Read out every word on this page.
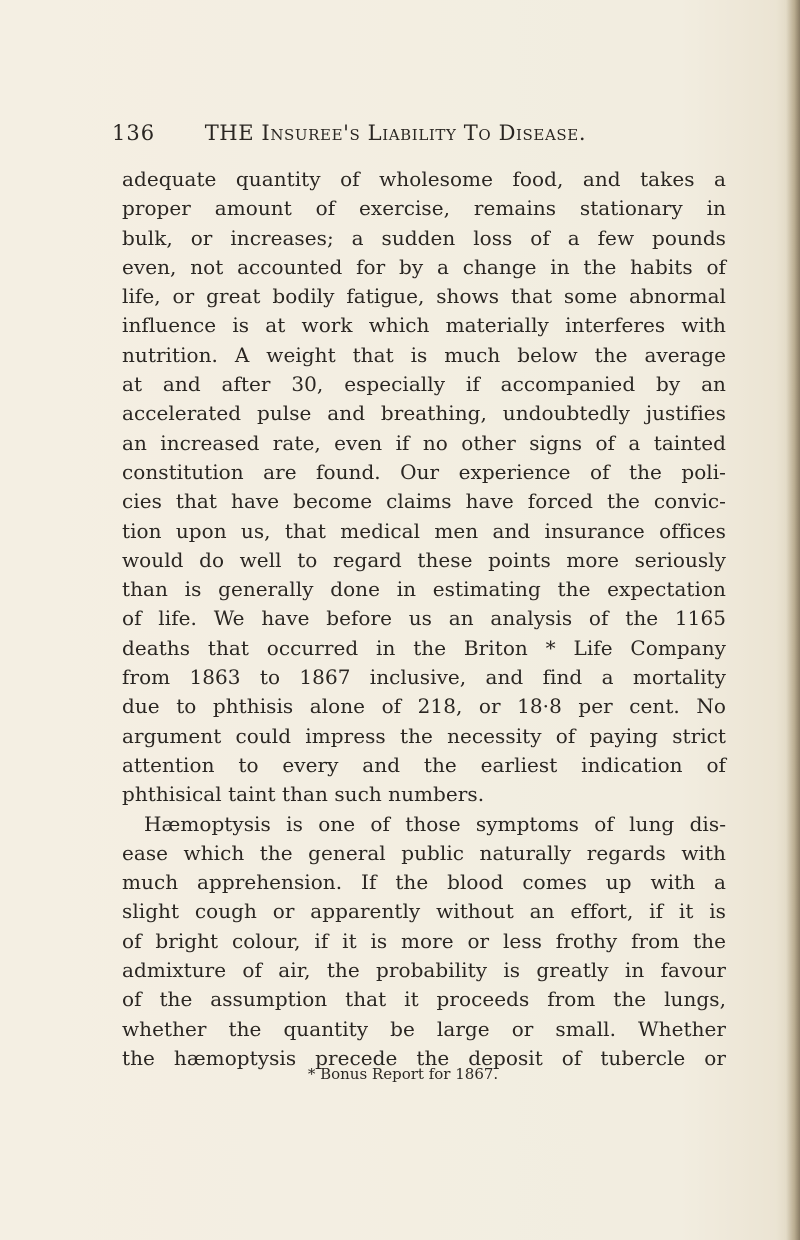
136 THE Insuree's Liability To Disease.
adequate quantity of wholesome food, and takes a
proper amount of exercise, remains stationary in
bulk, or increases; a sudden loss of a few pounds
even, not accounted for by a change in the habits of
life, or great bodily fatigue, shows that some abnormal
influence is at work which materially interferes with
nutrition. A weight that is much below the average
at and after 30, especially if accompanied by an
accelerated pulse and breathing, undoubtedly justifies
an increased rate, even if no other signs of a tainted
constitution are found. Our experience of the poli-
cies that have become claims have forced the convic-
tion upon us, that medical men and insurance offices
would do well to regard these points more seriously
than is generally done in estimating the expectation
of life. We have before us an analysis of the 1165
deaths that occurred in the Briton * Life Company
from 1863 to 1867 inclusive, and find a mortality
due to phthisis alone of 218, or 18·8 per cent. No
argument could impress the necessity of paying strict
attention to every and the earliest indication of
phthisical taint than such numbers.
Hæmoptysis is one of those symptoms of lung dis-
ease which the general public naturally regards with
much apprehension. If the blood comes up with a
slight cough or apparently without an effort, if it is
of bright colour, if it is more or less frothy from the
admixture of air, the probability is greatly in favour
of the assumption that it proceeds from the lungs,
whether the quantity be large or small. Whether
the hæmoptysis precede the deposit of tubercle or
* Bonus Report for 1867.
